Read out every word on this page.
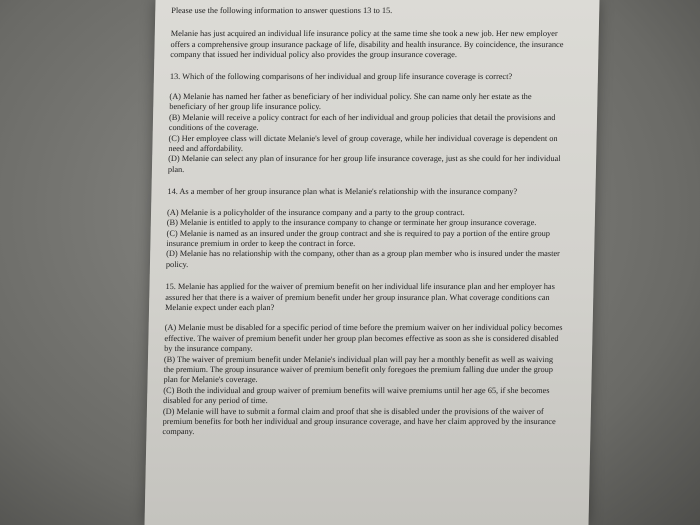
Please use the following information to answer questions 13 to 15.

Melanie has just acquired an individual life insurance policy at the same time she took a new job. Her new employer offers a comprehensive group insurance package of life, disability and health insurance. By coincidence, the insurance company that issued her individual policy also provides the group insurance coverage.

13. Which of the following comparisons of her individual and group life insurance coverage is correct?

(A) Melanie has named her father as beneficiary of her individual policy. She can name only her estate as the beneficiary of her group life insurance policy.
(B) Melanie will receive a policy contract for each of her individual and group policies that detail the provisions and conditions of the coverage.
(C) Her employee class will dictate Melanie's level of group coverage, while her individual coverage is dependent on need and affordability.
(D) Melanie can select any plan of insurance for her group life insurance coverage, just as she could for her individual plan.

14. As a member of her group insurance plan what is Melanie's relationship with the insurance company?

(A) Melanie is a policyholder of the insurance company and a party to the group contract.
(B) Melanie is entitled to apply to the insurance company to change or terminate her group insurance coverage.
(C) Melanie is named as an insured under the group contract and she is required to pay a portion of the entire group insurance premium in order to keep the contract in force.
(D) Melanie has no relationship with the company, other than as a group plan member who is insured under the master policy.

15. Melanie has applied for the waiver of premium benefit on her individual life insurance plan and her employer has assured her that there is a waiver of premium benefit under her group insurance plan. What coverage conditions can Melanie expect under each plan?

(A) Melanie must be disabled for a specific period of time before the premium waiver on her individual policy becomes effective. The waiver of premium benefit under her group plan becomes effective as soon as she is considered disabled by the insurance company.
(B) The waiver of premium benefit under Melanie's individual plan will pay her a monthly benefit as well as waiving the premium. The group insurance waiver of premium benefit only foregoes the premium falling due under the group plan for Melanie's coverage.
(C) Both the individual and group waiver of premium benefits will waive premiums until her age 65, if she becomes disabled for any period of time.
(D) Melanie will have to submit a formal claim and proof that she is disabled under the provisions of the waiver of premium benefits for both her individual and group insurance coverage, and have her claim approved by the insurance company.
